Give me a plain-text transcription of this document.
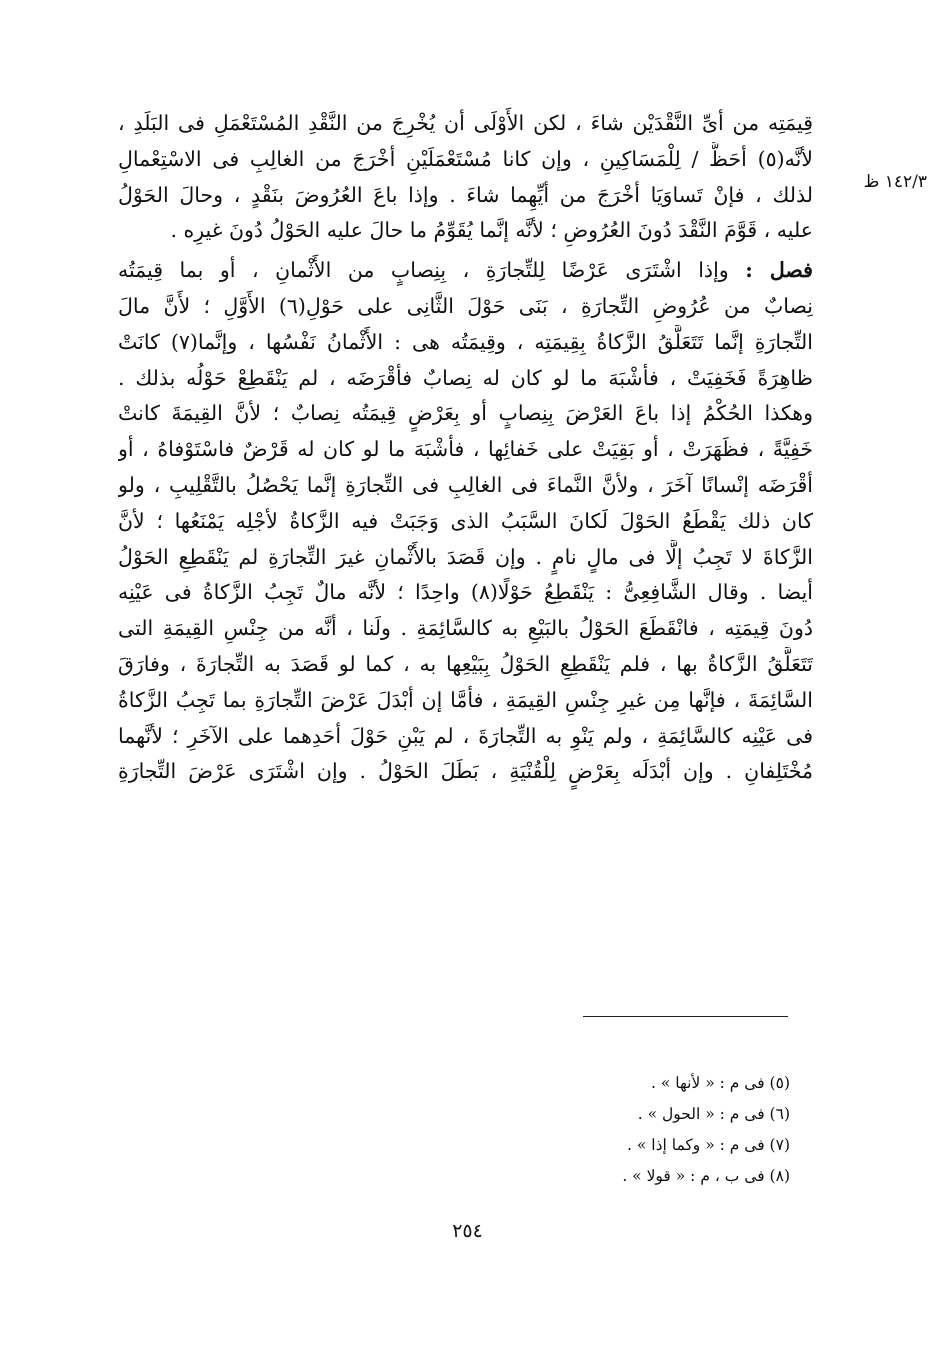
١٤٢/٣ ظ
قِيمَتِه من أىِّ النَّقْدَيْن شاءَ ، لكن الأَوْلَى أن يُخْرِجَ من النَّقْدِ المُسْتَعْمَلِ فى البَلَدِ ،
لأنَّه(٥) أحَظُّ / لِلْمَسَاكِينِ ، وإن كانا مُسْتَعْمَلَيْنِ أخْرَجَ من الغالِبِ فى الاسْتِعْمالِ
لذلك ، فإنْ تَساوَيَا أخْرَجَ من أيِّهِما شاءَ . وإذا باعَ العُرُوضَ بنَقْدٍ ، وحالَ الحَوْلُ
عليه ، قَوَّمَ النَّقْدَ دُونَ العُرُوضِ ؛ لأنَّه إنَّما يُقَوِّمُ ما حالَ عليه الحَوْلُ دُونَ غيرِه .
فصل : وإذا اشْتَرَى عَرْضًا لِلتِّجارَةِ ، بِنِصابٍ من الأَثْمانِ ، أو بما قِيمَتُه
نِصابٌ من عُرُوضِ التِّجارَةِ ، بَنَى حَوْلَ الثَّانِى على حَوْلِ(٦) الأَوَّلِ ؛ لأَنَّ مالَ
التِّجارَةِ إنَّما تَتَعَلَّقُ الزَّكاةُ بِقِيمَتِه ، وقِيمَتُه هى : الأَثْمانُ نَفْسُها ، وإنَّما(٧) كانَتْ
ظاهِرَةً فَخَفِيَتْ ، فأشْبَهَ ما لو كان له نِصابٌ فأقْرَضَه ، لم يَنْقَطِعْ حَوْلُه بذلك .
وهكذا الحُكْمُ إذا باعَ العَرْضَ بِنِصابٍ أو بِعَرْضٍ قِيمَتُه نِصابٌ ؛ لأنَّ القِيمَةَ كانتْ
خَفِيَّةً ، فظَهَرَتْ ، أو بَقِيَتْ على خَفائِها ، فأشْبَهَ ما لو كان له قَرْضٌ فاسْتَوْفاهُ ، أو
أقْرَضَه إنْسانًا آخَرَ ، ولأنَّ النَّماءَ فى الغالِبِ فى التِّجارَةِ إنَّما يَحْصُلُ بالتَّقْلِيبِ ، ولو
كان ذلك يَقْطَعُ الحَوْلَ لَكانَ السَّبَبُ الذى وَجَبَتْ فيه الزَّكاةُ لأجْلِه يَمْنَعُها ؛ لأنَّ
الزَّكاةَ لا تَجِبُ إلَّا فى مالٍ نامٍ . وإن قَصَدَ بالأَثْمانِ غيرَ التِّجارَةِ لم يَنْقَطِعِ الحَوْلُ
أيضا . وقال الشَّافِعِىُّ : يَنْقَطِعُ حَوْلًا(٨) واحِدًا ؛ لأنَّه مالٌ تَجِبُ الزَّكاةُ فى عَيْنِه
دُونَ قِيمَتِه ، فانْقَطَعَ الحَوْلُ بالبَيْعِ به كالسَّائِمَةِ . ولَنا ، أنَّه من جِنْسِ القِيمَةِ التى
تَتَعَلَّقُ الزَّكاةُ بها ، فلم يَنْقَطِعِ الحَوْلُ بِبَيْعِها به ، كما لو قَصَدَ به التِّجارَةَ ، وفارَقَ
السَّائِمَةَ ، فإنَّها مِن غيرِ جِنْسِ القِيمَةِ ، فأمَّا إن أبْدَلَ عَرْضَ التِّجارَةِ بما تَجِبُ الزَّكاةُ
فى عَيْنِه كالسَّائِمَةِ ، ولم يَنْوِ به التِّجارَةَ ، لم يَبْنِ حَوْلَ أحَدِهما على الآخَرِ ؛ لأنَّهما
مُخْتَلِفانِ . وإن أبْدَلَه بِعَرْضٍ لِلْقُنْيَةِ ، بَطَلَ الحَوْلُ . وإن اشْتَرَى عَرْضَ التِّجارَةِ
(٥) فى م : « لأنها » .
(٦) فى م : « الحول » .
(٧) فى م : « وكما إذا » .
(٨) فى ب ، م : « قولا » .
٢٥٤
